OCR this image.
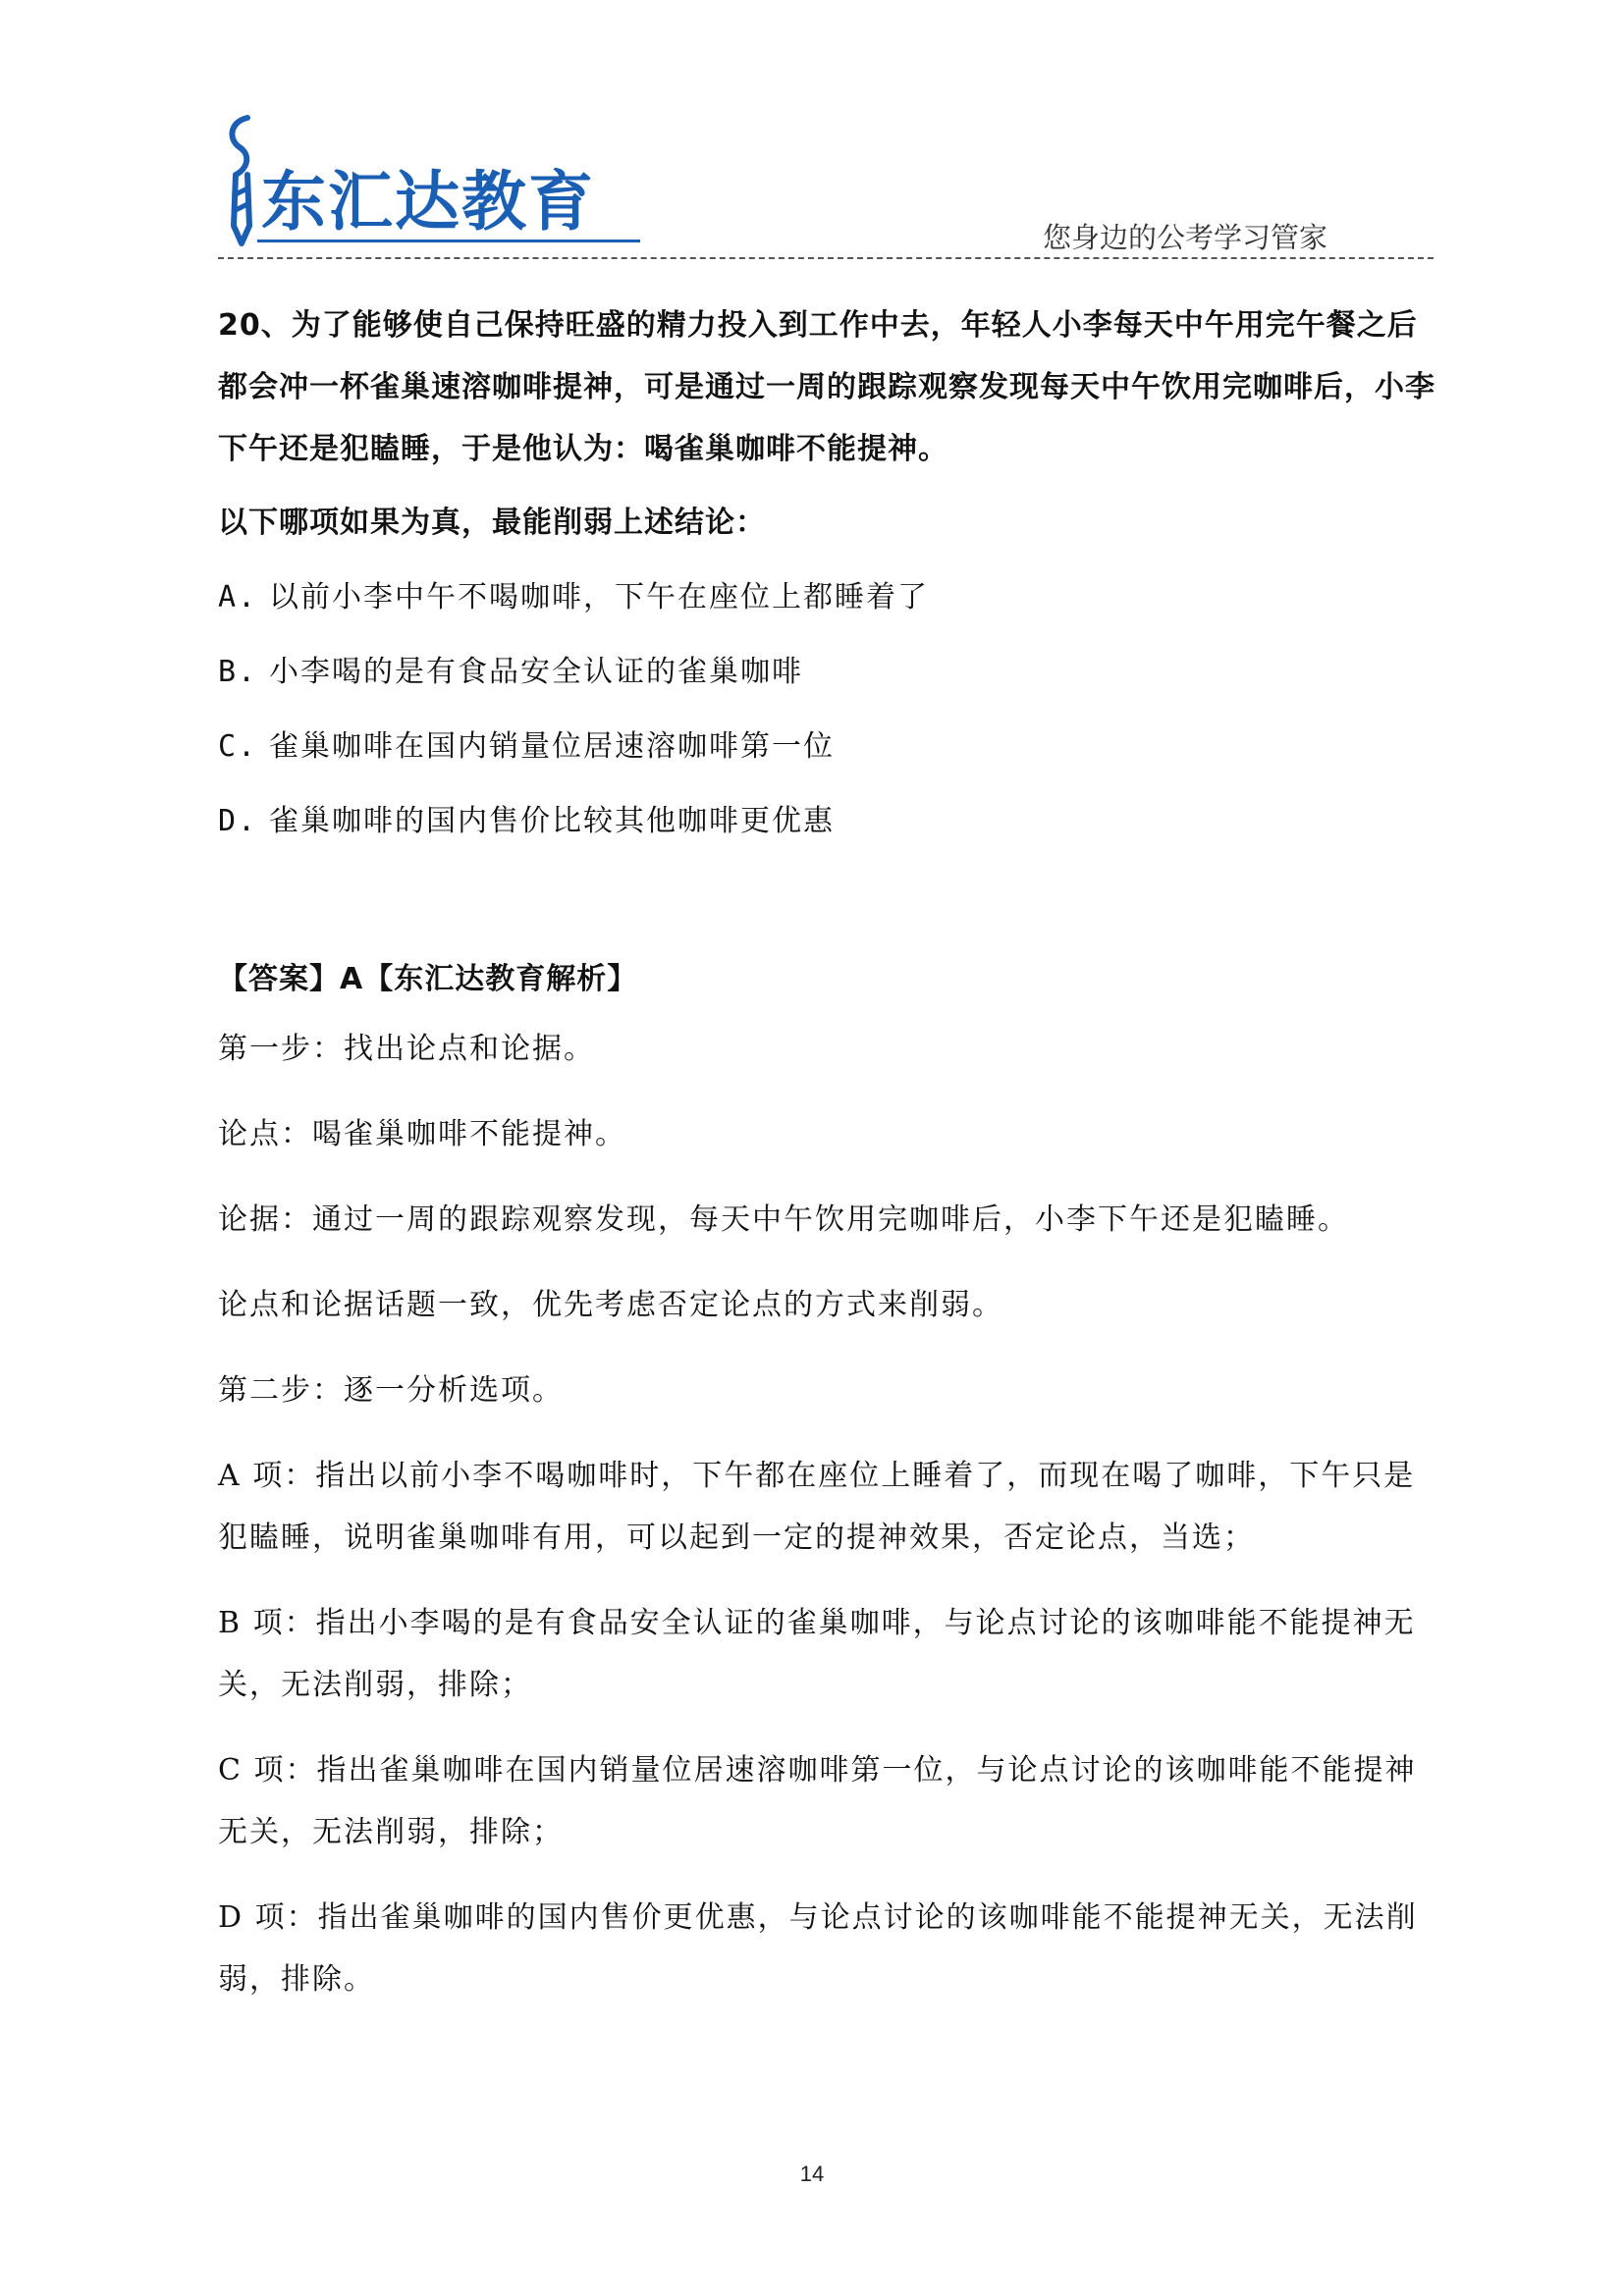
东汇达教育	您身边的公考学习管家

20、为了能够使自己保持旺盛的精力投入到工作中去，年轻人小李每天中午用完午餐之后都会冲一杯雀巢速溶咖啡提神，可是通过一周的跟踪观察发现每天中午饮用完咖啡后，小李下午还是犯瞌睡，于是他认为：喝雀巢咖啡不能提神。

以下哪项如果为真，最能削弱上述结论：

A. 以前小李中午不喝咖啡，下午在座位上都睡着了

B. 小李喝的是有食品安全认证的雀巢咖啡

C. 雀巢咖啡在国内销量位居速溶咖啡第一位

D. 雀巢咖啡的国内售价比较其他咖啡更优惠

【答案】A【东汇达教育解析】

第一步：找出论点和论据。

论点：喝雀巢咖啡不能提神。

论据：通过一周的跟踪观察发现，每天中午饮用完咖啡后，小李下午还是犯瞌睡。

论点和论据话题一致，优先考虑否定论点的方式来削弱。

第二步：逐一分析选项。

A 项：指出以前小李不喝咖啡时，下午都在座位上睡着了，而现在喝了咖啡，下午只是犯瞌睡，说明雀巢咖啡有用，可以起到一定的提神效果，否定论点，当选；

B 项：指出小李喝的是有食品安全认证的雀巢咖啡，与论点讨论的该咖啡能不能提神无关，无法削弱，排除；

C 项：指出雀巢咖啡在国内销量位居速溶咖啡第一位，与论点讨论的该咖啡能不能提神无关，无法削弱，排除；

D 项：指出雀巢咖啡的国内售价更优惠，与论点讨论的该咖啡能不能提神无关，无法削弱，排除。

14
